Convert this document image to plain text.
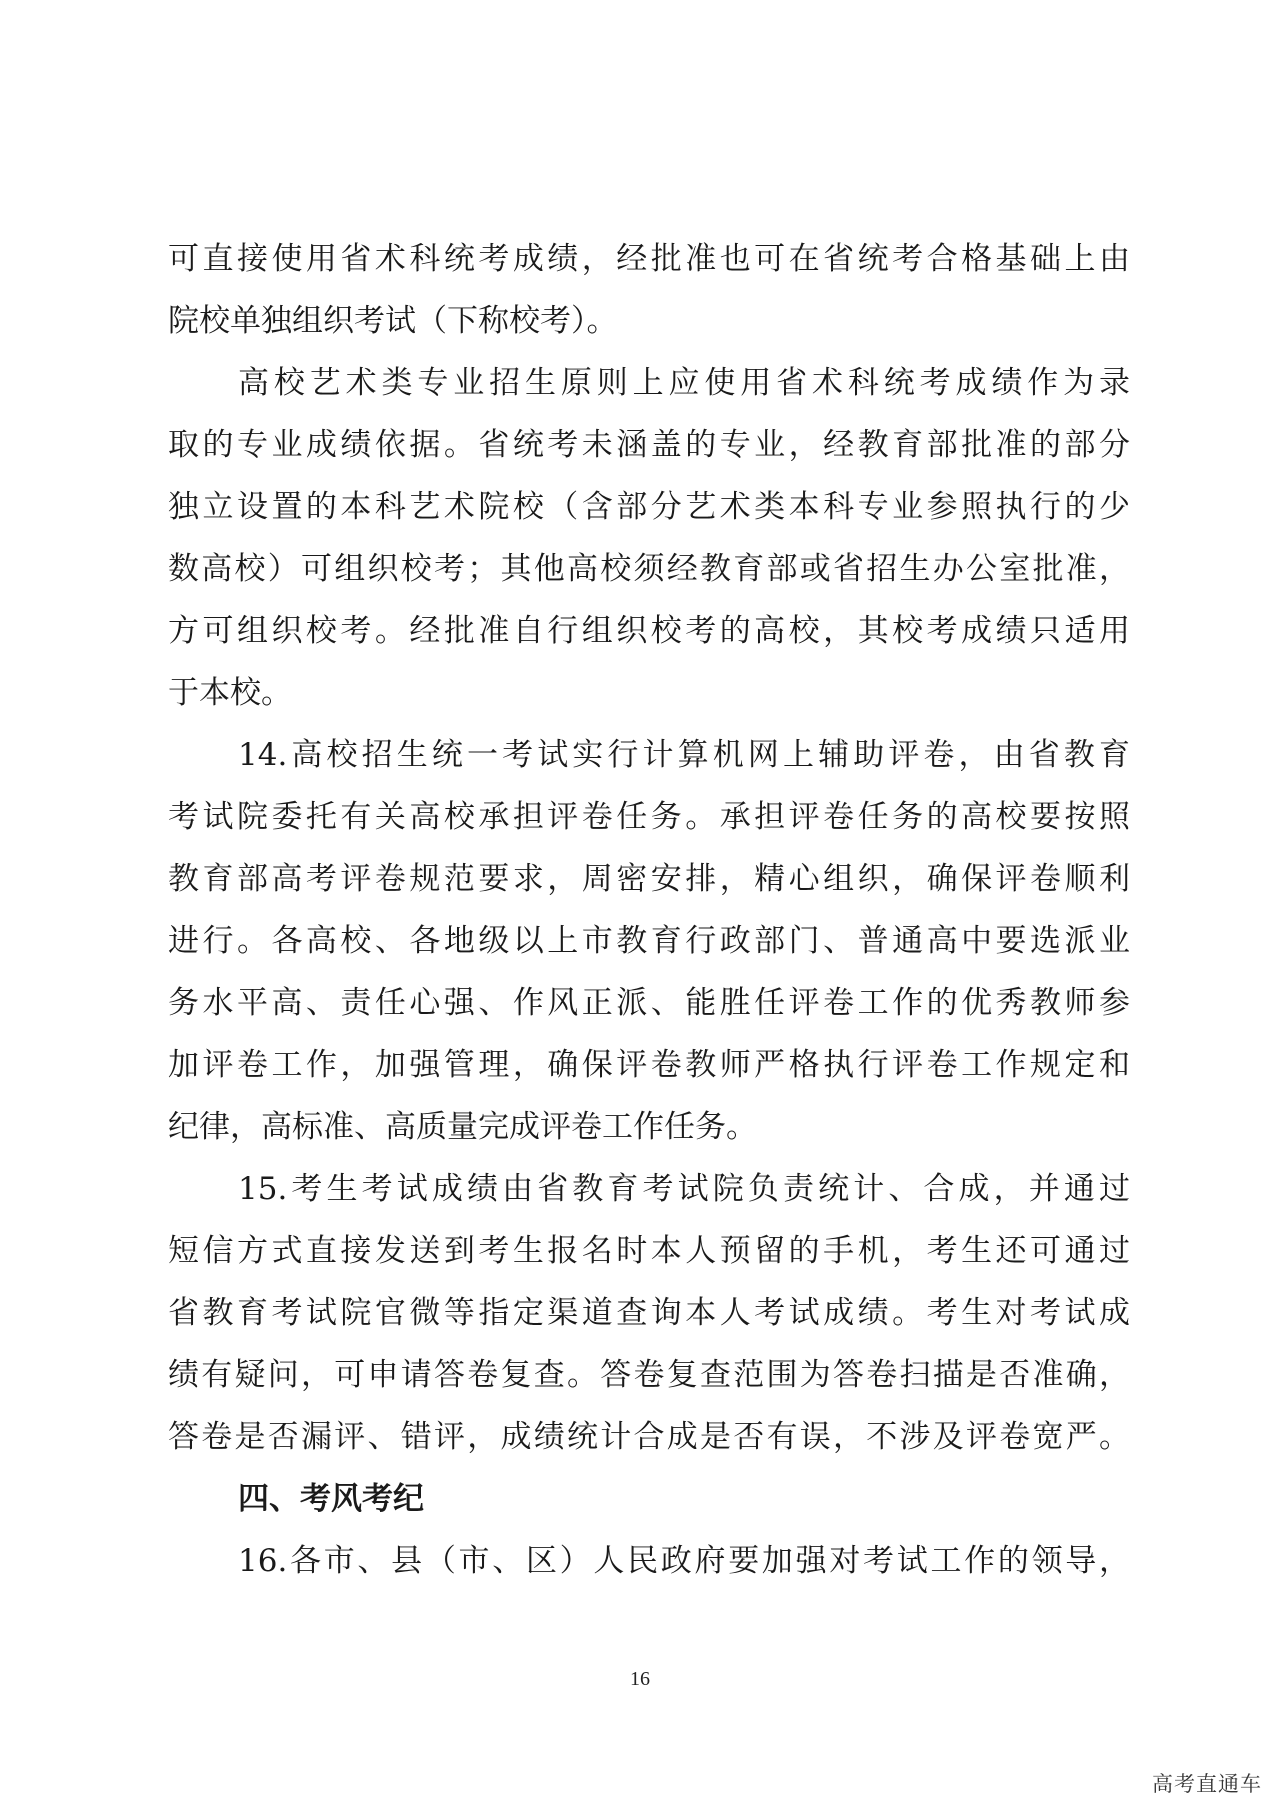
可直接使用省术科统考成绩，经批准也可在省统考合格基础上由
院校单独组织考试（下称校考）。
高校艺术类专业招生原则上应使用省术科统考成绩作为录
取的专业成绩依据。省统考未涵盖的专业，经教育部批准的部分
独立设置的本科艺术院校（含部分艺术类本科专业参照执行的少
数高校）可组织校考；其他高校须经教育部或省招生办公室批准，
方可组织校考。经批准自行组织校考的高校，其校考成绩只适用
于本校。
14.高校招生统一考试实行计算机网上辅助评卷，由省教育
考试院委托有关高校承担评卷任务。承担评卷任务的高校要按照
教育部高考评卷规范要求，周密安排，精心组织，确保评卷顺利
进行。各高校、各地级以上市教育行政部门、普通高中要选派业
务水平高、责任心强、作风正派、能胜任评卷工作的优秀教师参
加评卷工作，加强管理，确保评卷教师严格执行评卷工作规定和
纪律，高标准、高质量完成评卷工作任务。
15.考生考试成绩由省教育考试院负责统计、合成，并通过
短信方式直接发送到考生报名时本人预留的手机，考生还可通过
省教育考试院官微等指定渠道查询本人考试成绩。考生对考试成
绩有疑问，可申请答卷复查。答卷复查范围为答卷扫描是否准确，
答卷是否漏评、错评，成绩统计合成是否有误，不涉及评卷宽严。
四、考风考纪
16.各市、县（市、区）人民政府要加强对考试工作的领导，
16
高考直通车
